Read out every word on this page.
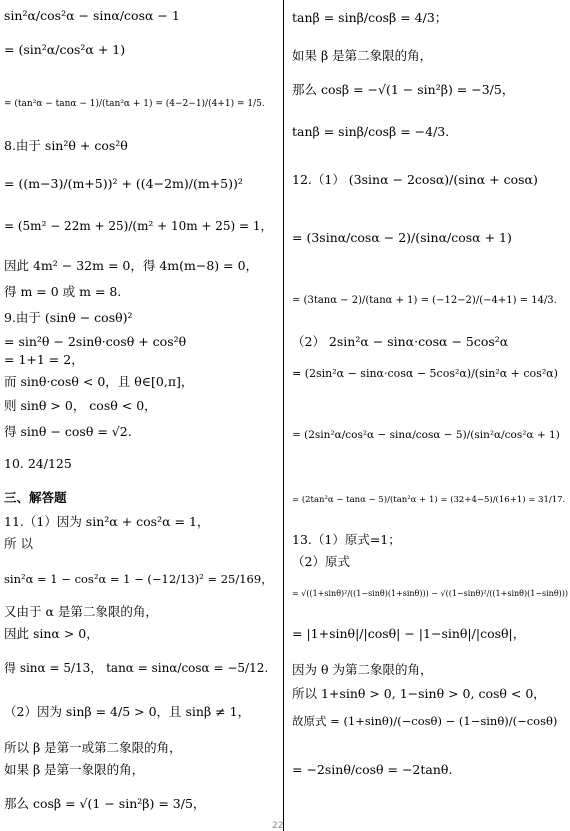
sin²α/cos²α − sinα/cosα − 1
= (sin²α/cos²α + 1)
= (tan²α − tanα − 1)/(tan²α + 1) = (4−2−1)/(4+1) = 1/5.
8.由于 sin²θ + cos²θ
= ((m−3)/(m+5))² + ((4−2m)/(m+5))²
= (5m² − 22m + 25)/(m² + 10m + 25) = 1，
因此 4m² − 32m = 0，得 4m(m−8) = 0，
得 m = 0 或 m = 8.
9.由于 (sinθ − cosθ)²
= sin²θ − 2sinθ·cosθ + cos²θ
= 1+1 = 2，
而 sinθ·cosθ < 0，且 θ∈[0,π]，
则 sinθ > 0， cosθ < 0，
得 sinθ − cosθ = √2.
10. 24/125
三、解答题
11.（1）因为 sin²α + cos²α = 1，
所 以
sin²α = 1 − cos²α = 1 − (−12/13)² = 25/169，
又由于 α 是第二象限的角，
因此 sinα > 0，
得 sinα = 5/13， tanα = sinα/cosα = −5/12.
（2）因为 sinβ = 4/5 > 0，且 sinβ ≠ 1，
所以 β 是第一或第二象限的角，
如果 β 是第一象限的角，
那么 cosβ = √(1 − sin²β) = 3/5，
tanβ = sinβ/cosβ = 4/3；
如果 β 是第二象限的角，
那么 cosβ = −√(1 − sin²β) = −3/5，
tanβ = sinβ/cosβ = −4/3.
12.（1） (3sinα − 2cosα)/(sinα + cosα)
= (3sinα/cosα − 2)/(sinα/cosα + 1)
= (3tanα − 2)/(tanα + 1) = (−12−2)/(−4+1) = 14/3.
（2） 2sin²α − sinα·cosα − 5cos²α
= (2sin²α − sinα·cosα − 5cos²α)/(sin²α + cos²α)
= (2sin²α/cos²α − sinα/cosα − 5)/(sin²α/cos²α + 1)
= (2tan²α − tanα − 5)/(tan²α + 1) = (32+4−5)/(16+1) = 31/17.
13.（1）原式=1；
（2）原式
= √((1+sinθ)²/((1−sinθ)(1+sinθ))) − √((1−sinθ)²/((1+sinθ)(1−sinθ)))
= |1+sinθ|/|cosθ| − |1−sinθ|/|cosθ|，
因为 θ 为第二象限的角，
所以 1+sinθ > 0, 1−sinθ > 0, cosθ < 0，
故原式 = (1+sinθ)/(−cosθ) − (1−sinθ)/(−cosθ)
= −2sinθ/cosθ = −2tanθ.
22
